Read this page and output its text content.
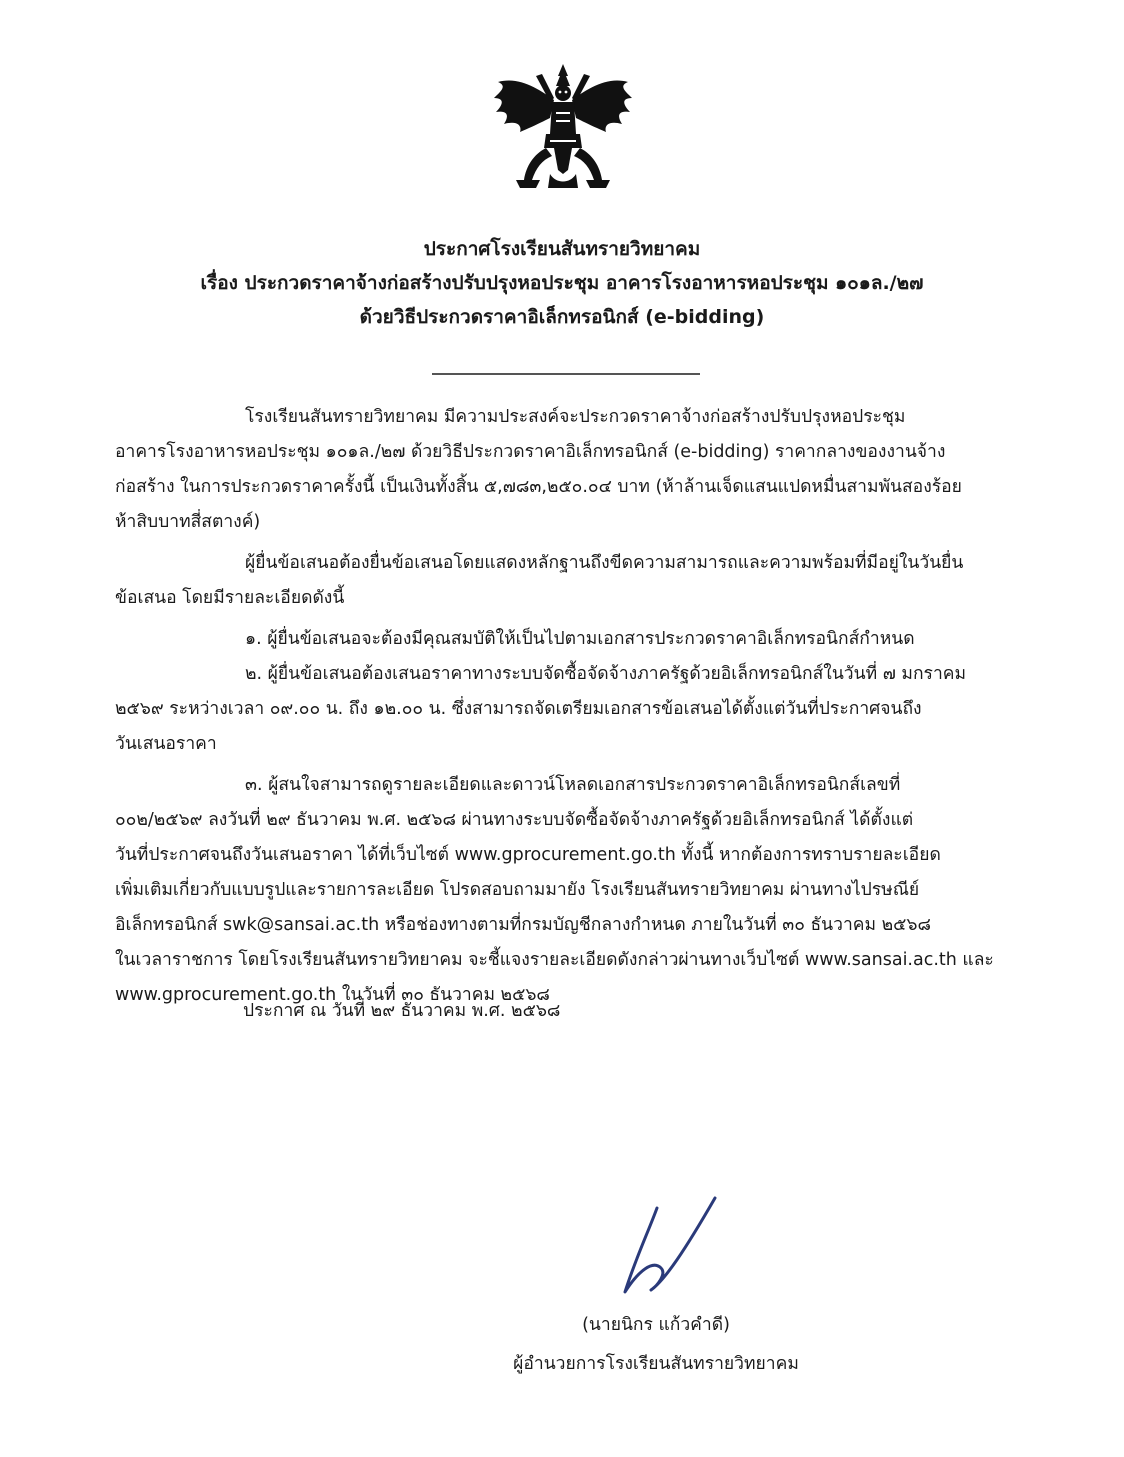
ประกาศโรงเรียนสันทรายวิทยาคม
เรื่อง ประกวดราคาจ้างก่อสร้างปรับปรุงหอประชุม อาคารโรงอาหารหอประชุม ๑๐๑ล./๒๗
ด้วยวิธีประกวดราคาอิเล็กทรอนิกส์ (e-bidding)
โรงเรียนสันทรายวิทยาคม มีความประสงค์จะประกวดราคาจ้างก่อสร้างปรับปรุงหอประชุม
อาคารโรงอาหารหอประชุม ๑๐๑ล./๒๗ ด้วยวิธีประกวดราคาอิเล็กทรอนิกส์ (e-bidding) ราคากลางของงานจ้าง
ก่อสร้าง ในการประกวดราคาครั้งนี้ เป็นเงินทั้งสิ้น ๕,๗๘๓,๒๕๐.๐๔ บาท (ห้าล้านเจ็ดแสนแปดหมื่นสามพันสองร้อย
ห้าสิบบาทสี่สตางค์)
ผู้ยื่นข้อเสนอต้องยื่นข้อเสนอโดยแสดงหลักฐานถึงขีดความสามารถและความพร้อมที่มีอยู่ในวันยื่น
ข้อเสนอ โดยมีรายละเอียดดังนี้
๑. ผู้ยื่นข้อเสนอจะต้องมีคุณสมบัติให้เป็นไปตามเอกสารประกวดราคาอิเล็กทรอนิกส์กำหนด
๒. ผู้ยื่นข้อเสนอต้องเสนอราคาทางระบบจัดซื้อจัดจ้างภาครัฐด้วยอิเล็กทรอนิกส์ในวันที่ ๗ มกราคม
๒๕๖๙ ระหว่างเวลา ๐๙.๐๐ น. ถึง ๑๒.๐๐ น. ซึ่งสามารถจัดเตรียมเอกสารข้อเสนอได้ตั้งแต่วันที่ประกาศจนถึง
วันเสนอราคา
๓. ผู้สนใจสามารถดูรายละเอียดและดาวน์โหลดเอกสารประกวดราคาอิเล็กทรอนิกส์เลขที่
๐๐๒/๒๕๖๙ ลงวันที่ ๒๙ ธันวาคม พ.ศ. ๒๕๖๘ ผ่านทางระบบจัดซื้อจัดจ้างภาครัฐด้วยอิเล็กทรอนิกส์ ได้ตั้งแต่
วันที่ประกาศจนถึงวันเสนอราคา ได้ที่เว็บไซต์ www.gprocurement.go.th ทั้งนี้ หากต้องการทราบรายละเอียด
เพิ่มเติมเกี่ยวกับแบบรูปและรายการละเอียด โปรดสอบถามมายัง โรงเรียนสันทรายวิทยาคม ผ่านทางไปรษณีย์
อิเล็กทรอนิกส์ swk@sansai.ac.th หรือช่องทางตามที่กรมบัญชีกลางกำหนด ภายในวันที่ ๓๐ ธันวาคม ๒๕๖๘
ในเวลาราชการ โดยโรงเรียนสันทรายวิทยาคม จะชี้แจงรายละเอียดดังกล่าวผ่านทางเว็บไซต์ www.sansai.ac.th และ
www.gprocurement.go.th ในวันที่ ๓๐ ธันวาคม ๒๕๖๘
ประกาศ ณ วันที่ ๒๙ ธันวาคม พ.ศ. ๒๕๖๘
(นายนิกร แก้วคำดี)
ผู้อำนวยการโรงเรียนสันทรายวิทยาคม
